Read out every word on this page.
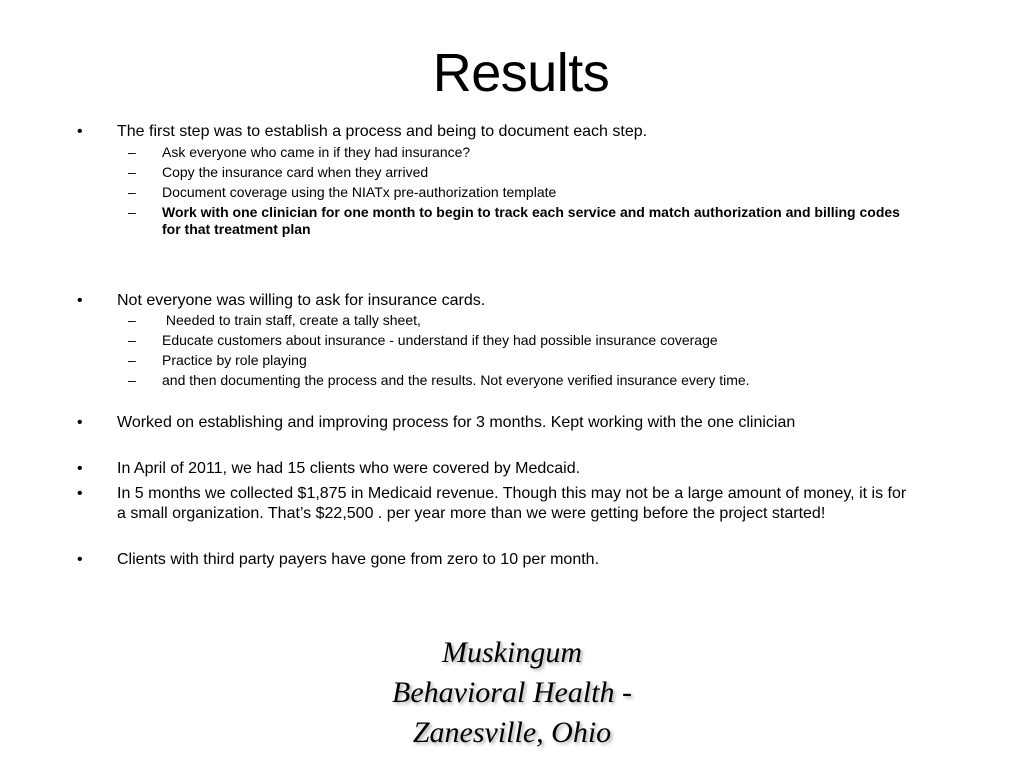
Results
• The first step was to establish a process and being to document each step.
– Ask everyone who came in if they had insurance?
– Copy the insurance card when they arrived
– Document coverage using the NIATx pre-authorization template
– Work with one clinician for one month to begin to track each service and match authorization and billing codes for that treatment plan
• Not everyone was willing to ask for insurance cards.
– Needed to train staff, create a tally sheet,
– Educate customers about insurance - understand if they had possible insurance coverage
– Practice by role playing
– and then documenting the process and the results. Not everyone verified insurance every time.
• Worked on establishing and improving process for 3 months. Kept working with the one clinician
• In April of 2011, we had 15 clients who were covered by Medcaid.
• In 5 months we collected $1,875 in Medicaid revenue. Though this may not be a large amount of money, it is for a small organization. That’s $22,500 . per year more than we were getting before the project started!
• Clients with third party payers have gone from zero to 10 per month.
Muskingum
Behavioral Health -
Zanesville, Ohio
